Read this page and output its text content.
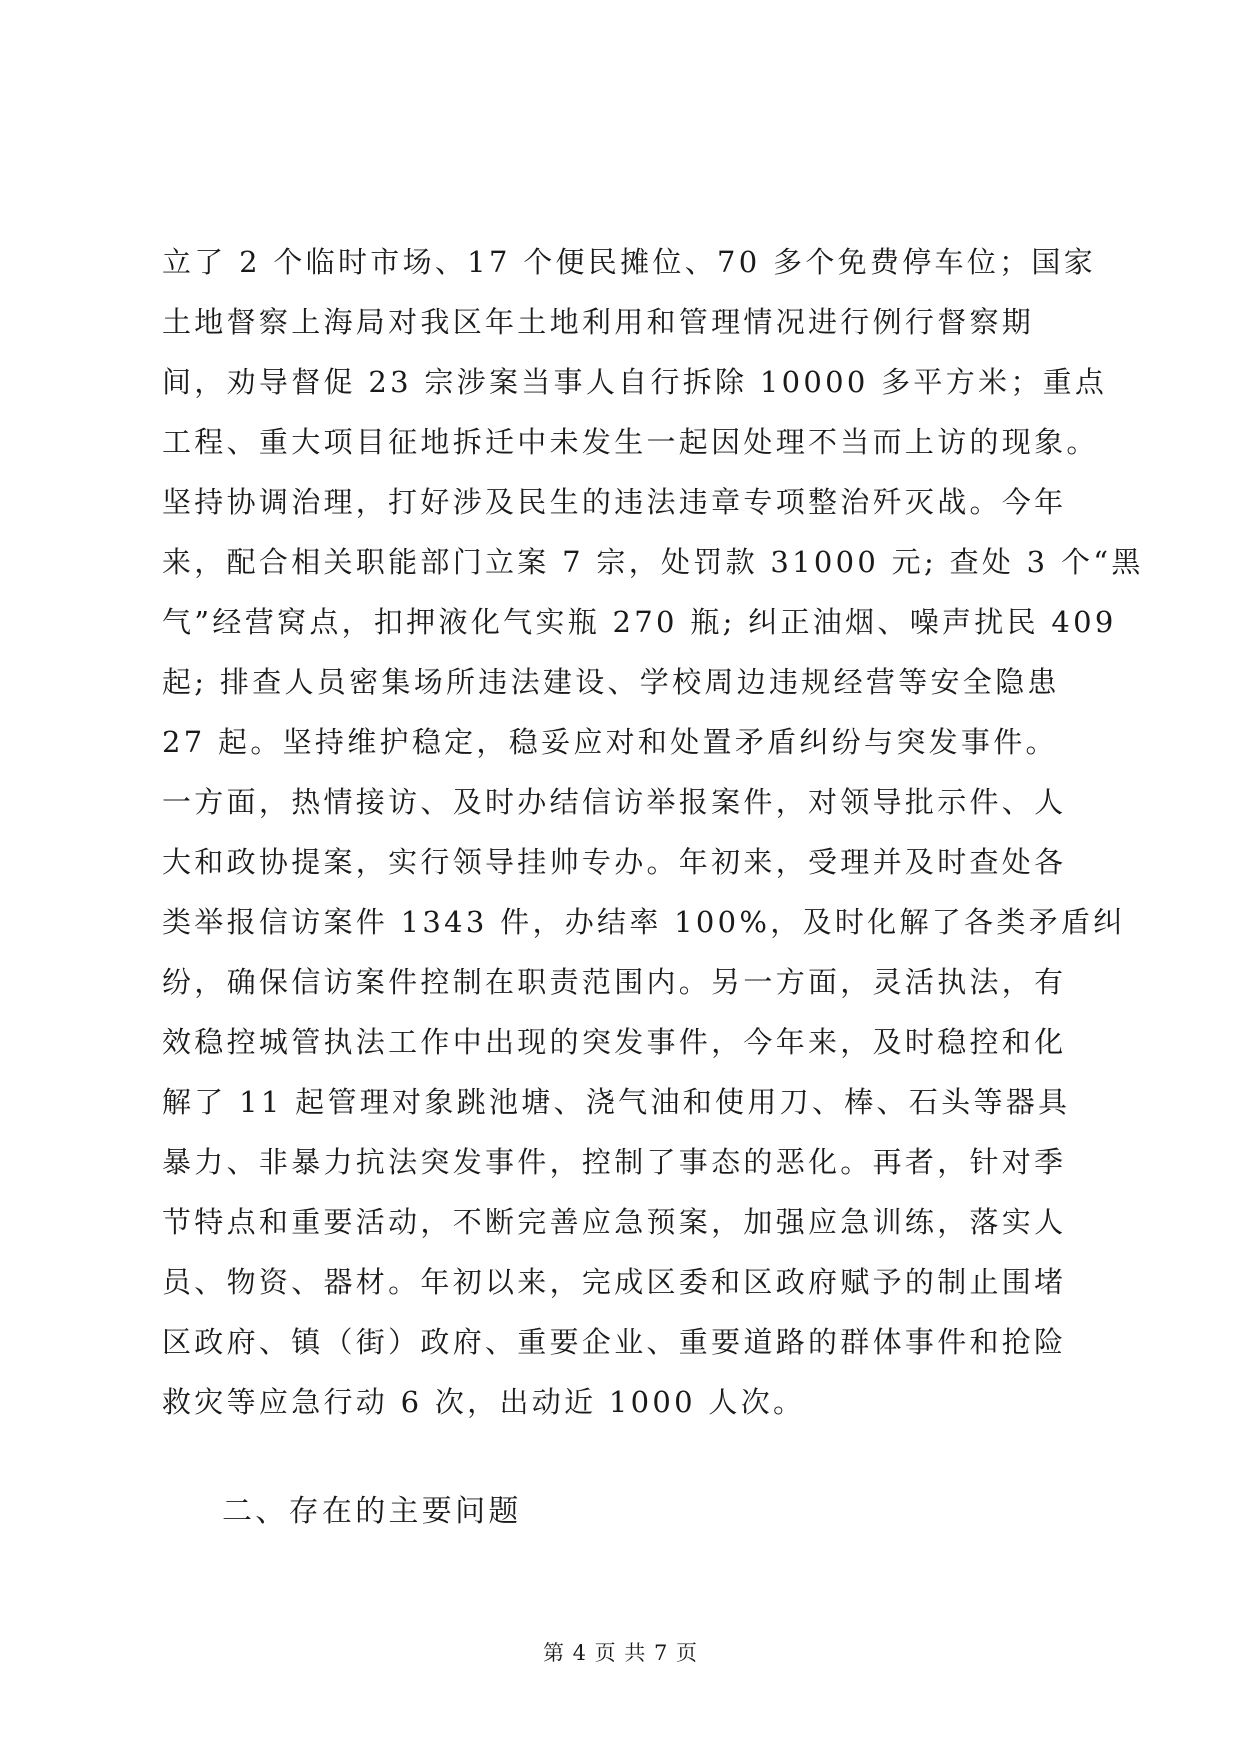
立了 2 个临时市场、17 个便民摊位、70 多个免费停车位；国家
土地督察上海局对我区年土地利用和管理情况进行例行督察期
间，劝导督促 23 宗涉案当事人自行拆除 10000 多平方米；重点
工程、重大项目征地拆迁中未发生一起因处理不当而上访的现象。
坚持协调治理，打好涉及民生的违法违章专项整治歼灭战。今年
来，配合相关职能部门立案 7 宗，处罚款 31000 元; 查处 3 个“黑
气”经营窝点，扣押液化气实瓶 270 瓶; 纠正油烟、噪声扰民 409
起; 排查人员密集场所违法建设、学校周边违规经营等安全隐患
27 起。坚持维护稳定，稳妥应对和处置矛盾纠纷与突发事件。
一方面，热情接访、及时办结信访举报案件，对领导批示件、人
大和政协提案，实行领导挂帅专办。年初来，受理并及时查处各
类举报信访案件 1343 件，办结率 100%，及时化解了各类矛盾纠
纷，确保信访案件控制在职责范围内。另一方面，灵活执法，有
效稳控城管执法工作中出现的突发事件，今年来，及时稳控和化
解了 11 起管理对象跳池塘、浇气油和使用刀、棒、石头等器具
暴力、非暴力抗法突发事件，控制了事态的恶化。再者，针对季
节特点和重要活动，不断完善应急预案，加强应急训练，落实人
员、物资、器材。年初以来，完成区委和区政府赋予的制止围堵
区政府、镇（街）政府、重要企业、重要道路的群体事件和抢险
救灾等应急行动 6 次，出动近 1000 人次。
二、存在的主要问题
第 4 页 共 7 页
